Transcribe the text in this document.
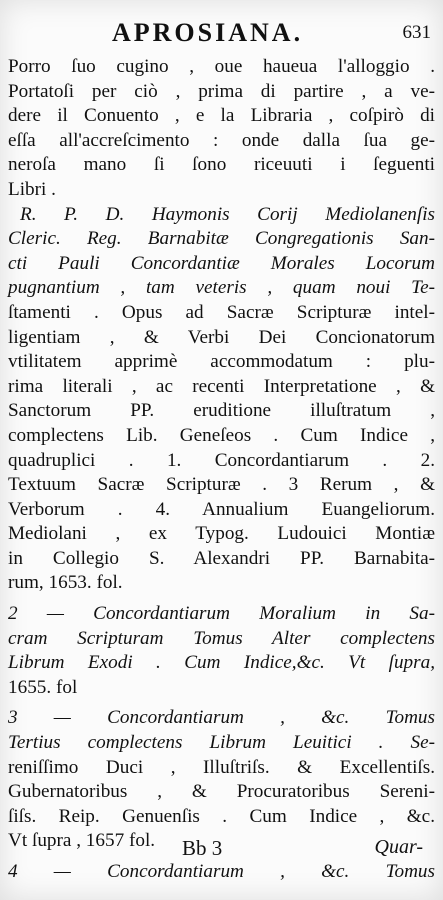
APROSIANA.	631
Porro ſuo cugino , oue haueua l'alloggio .
Portatoſi per ciò , prima di partire , a ve-
dere il Conuento , e la Libraria , coſpirò di
eſſa all'accreſcimento : onde dalla ſua ge-
neroſa mano ſi ſono riceuuti i ſeguenti
Libri .
R. P. D. Haymonis Corij Mediolanenſis
Cleric. Reg. Barnabitæ Congregationis San-
cti Pauli Concordantiæ Morales Locorum
pugnantium , tam veteris , quam noui Te-
ſtamenti . Opus ad Sacræ Scripturæ intel-
ligentiam , & Verbi Dei Concionatorum
vtilitatem apprimè accommodatum : plu-
rima literali , ac recenti Interpretatione , &
Sanctorum PP. eruditione illuſtratum ,
complectens Lib. Geneſeos . Cum Indice ,
quadruplici . 1. Concordantiarum . 2.
Textuum Sacræ Scripturæ . 3 Rerum , &
Verborum . 4. Annualium Euangeliorum.
Mediolani , ex Typog. Ludouici Montiæ
in Collegio S. Alexandri PP. Barnabita-
rum, 1653. fol.
2 — Concordantiarum Moralium in Sa-
cram Scripturam Tomus Alter complectens
Librum Exodi . Cum Indice,&c. Vt ſupra,
1655. fol
3 — Concordantiarum , &c. Tomus
Tertius complectens Librum Leuitici . Se-
reniſſimo Duci , Illuſtriſs. & Excellentiſs.
Gubernatoribus , & Procuratoribus Sereni-
ſiſs. Reip. Genuenſis . Cum Indice , &c.
Vt ſupra , 1657 fol.
4 — Concordantiarum , &c. Tomus
Bb 3	Quar-
